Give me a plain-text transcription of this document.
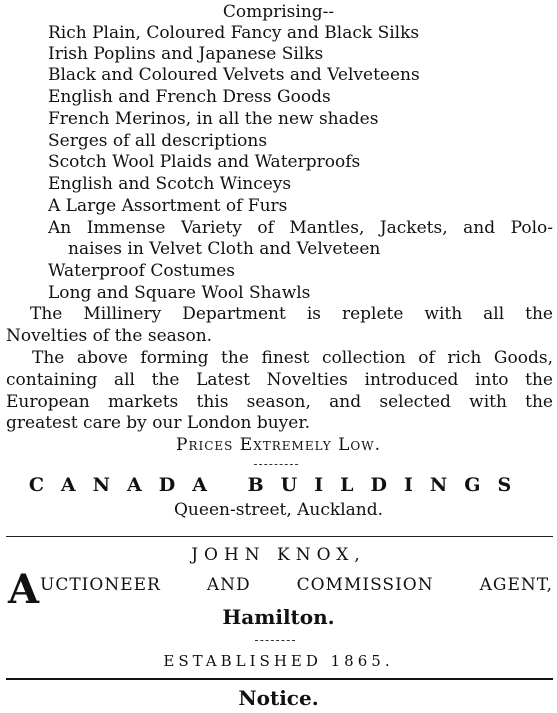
Comprising--
Rich Plain, Coloured Fancy and Black Silks
Irish Poplins and Japanese Silks
Black and Coloured Velvets and Velveteens
English and French Dress Goods
French Merinos, in all the new shades
Serges of all descriptions
Scotch Wool Plaids and Waterproofs
English and Scotch Winceys
A Large Assortment of Furs
An Immense Variety of Mantles, Jackets, and Polo-
naises in Velvet Cloth and Velveteen
Waterproof Costumes
Long and Square Wool Shawls
The Millinery Department is replete with all the
Novelties of the season.
The above forming the finest collection of rich Goods,
containing all the Latest Novelties introduced into the
European markets this season, and selected with the
greatest care by our London buyer.
Prices Extremely Low.
CANADA BUILDINGS
Queen-street, Auckland.
JOHN KNOX,
A UCTIONEER AND COMMISSION AGENT,
Hamilton.
ESTABLISHED 1865.
Notice.
